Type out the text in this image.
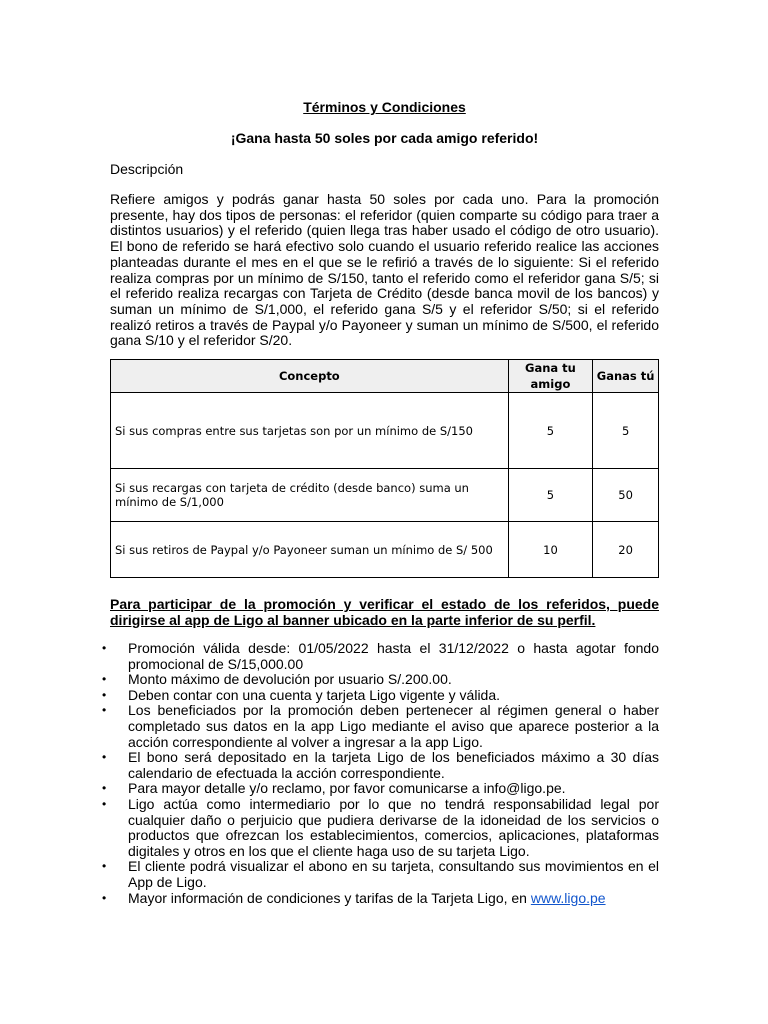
Términos y Condiciones
¡Gana hasta 50 soles por cada amigo referido!
Descripción
Refiere amigos y podrás ganar hasta 50 soles por cada uno. Para la promoción presente, hay dos tipos de personas: el referidor (quien comparte su código para traer a distintos usuarios) y el referido (quien llega tras haber usado el código de otro usuario). El bono de referido se hará efectivo solo cuando el usuario referido realice las acciones planteadas durante el mes en el que se le refirió a través de lo siguiente: Si el referido realiza compras por un mínimo de S/150, tanto el referido como el referidor gana S/5; si el referido realiza recargas con Tarjeta de Crédito (desde banca movil de los bancos) y suman un mínimo de S/1,000, el referido gana S/5 y el referidor S/50; si el referido realizó retiros a través de Paypal y/o Payoneer y suman un mínimo de S/500, el referido gana S/10 y el referidor S/20.
Concepto	Gana tu amigo	Ganas tú
Si sus compras entre sus tarjetas son por un mínimo de S/150	5	5
Si sus recargas con tarjeta de crédito (desde banco) suma un mínimo de S/1,000	5	50
Si sus retiros de Paypal y/o Payoneer suman un mínimo de S/ 500	10	20
Para participar de la promoción y verificar el estado de los referidos, puede dirigirse al app de Ligo al banner ubicado en la parte inferior de su perfil.
• Promoción válida desde: 01/05/2022 hasta el 31/12/2022 o hasta agotar fondo promocional de S/15,000.00
• Monto máximo de devolución por usuario S/.200.00.
• Deben contar con una cuenta y tarjeta Ligo vigente y válida.
• Los beneficiados por la promoción deben pertenecer al régimen general o haber completado sus datos en la app Ligo mediante el aviso que aparece posterior a la acción correspondiente al volver a ingresar a la app Ligo.
• El bono será depositado en la tarjeta Ligo de los beneficiados máximo a 30 días calendario de efectuada la acción correspondiente.
• Para mayor detalle y/o reclamo, por favor comunicarse a info@ligo.pe.
• Ligo actúa como intermediario por lo que no tendrá responsabilidad legal por cualquier daño o perjuicio que pudiera derivarse de la idoneidad de los servicios o productos que ofrezcan los establecimientos, comercios, aplicaciones, plataformas digitales y otros en los que el cliente haga uso de su tarjeta Ligo.
• El cliente podrá visualizar el abono en su tarjeta, consultando sus movimientos en el App de Ligo.
• Mayor información de condiciones y tarifas de la Tarjeta Ligo, en www.ligo.pe
